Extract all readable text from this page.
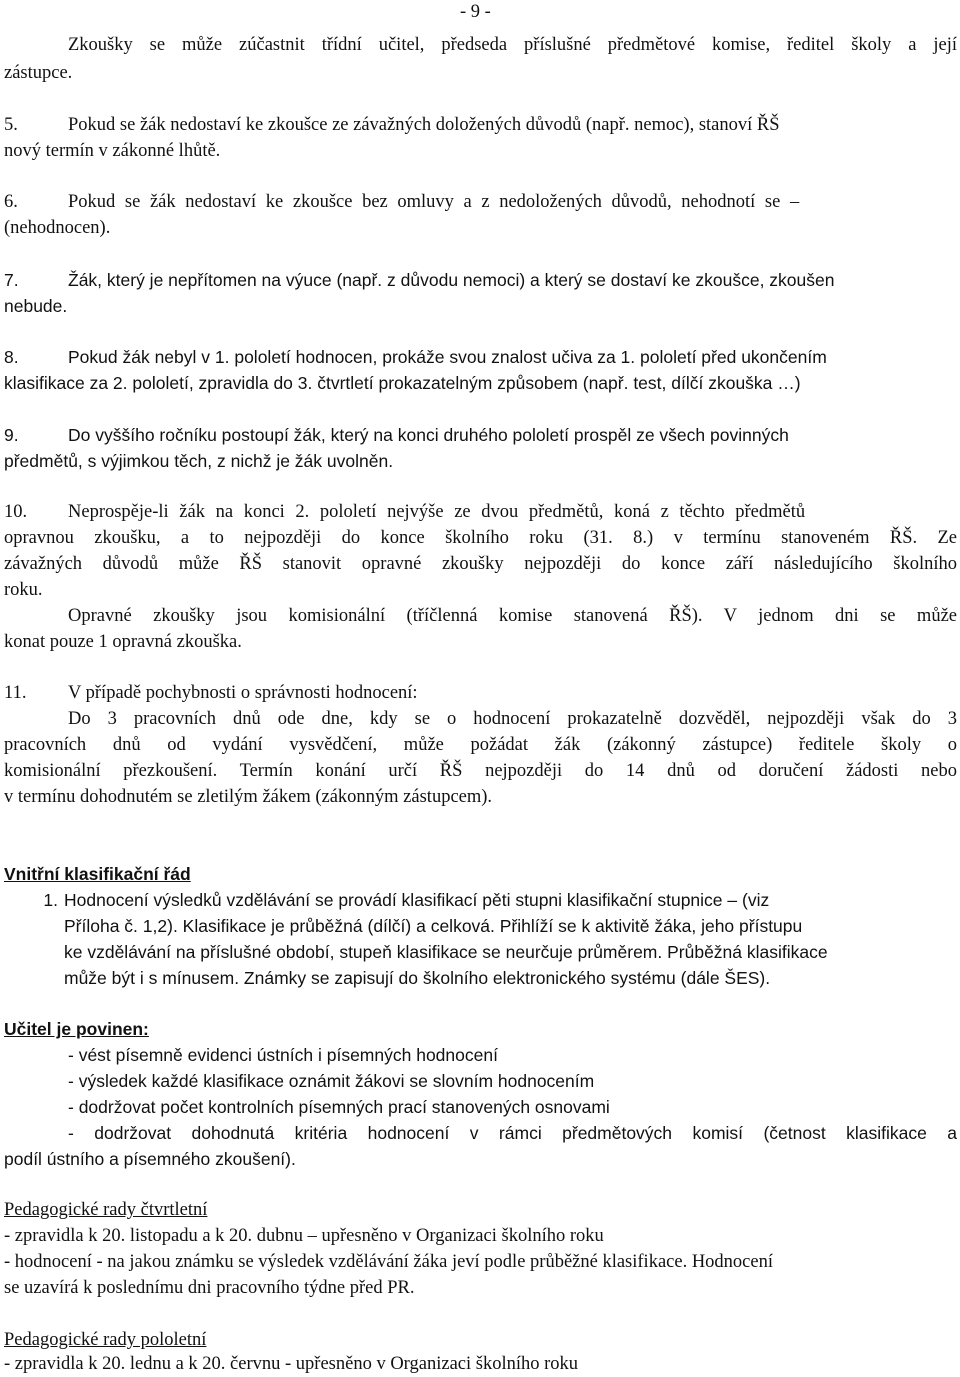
- 9 -
Zkoušky se může zúčastnit třídní učitel, předseda příslušné předmětové komise, ředitel školy a její
zástupce.
5.	Pokud se žák nedostaví ke zkoušce ze závažných doložených důvodů (např. nemoc), stanoví ŘŠ
nový termín v zákonné lhůtě.
6.	Pokud se žák nedostaví ke zkoušce bez omluvy a z nedoložených důvodů, nehodnotí se –
(nehodnocen).
7.	Žák, který je nepřítomen na výuce (např. z důvodu nemoci) a který se dostaví ke zkoušce, zkoušen
nebude.
8.	Pokud žák nebyl v 1. pololetí hodnocen, prokáže svou znalost učiva za 1. pololetí před ukončením
klasifikace za 2. pololetí, zpravidla do 3. čtvrtletí prokazatelným způsobem (např. test, dílčí zkouška …)
9.	Do vyššího ročníku postoupí žák, který na konci druhého pololetí prospěl ze všech povinných
předmětů, s výjimkou těch, z nichž je žák uvolněn.
10. Neprospěje-li žák na konci 2. pololetí nejvýše ze dvou předmětů, koná z těchto předmětů
opravnou zkoušku, a to nejpozději do konce školního roku (31. 8.) v termínu stanoveném ŘŠ. Ze
závažných důvodů může ŘŠ stanovit opravné zkoušky nejpozději do konce září následujícího školního
roku.
Opravné zkoušky jsou komisionální (tříčlenná komise stanovená ŘŠ). V jednom dni se může
konat pouze 1 opravná zkouška.
11. V případě pochybnosti o správnosti hodnocení:
Do 3 pracovních dnů ode dne, kdy se o hodnocení prokazatelně dozvěděl, nejpozději však do 3
pracovních dnů od vydání vysvědčení, může požádat žák (zákonný zástupce) ředitele školy o
komisionální přezkoušení. Termín konání určí ŘŠ nejpozději do 14 dnů od doručení žádosti nebo
v termínu dohodnutém se zletilým žákem (zákonným zástupcem).
Vnitřní klasifikační řád
1. Hodnocení výsledků vzdělávání se provádí klasifikací pěti stupni klasifikační stupnice – (viz
Příloha č. 1,2). Klasifikace je průběžná (dílčí) a celková. Přihlíží se k aktivitě žáka, jeho přístupu
ke vzdělávání na příslušné období, stupeň klasifikace se neurčuje průměrem. Průběžná klasifikace
může být i s mínusem. Známky se zapisují do školního elektronického systému (dále ŠES).
Učitel je povinen:
- vést písemně evidenci ústních i písemných hodnocení
- výsledek každé klasifikace oznámit žákovi se slovním hodnocením
- dodržovat počet kontrolních písemných prací stanovených osnovami
- dodržovat dohodnutá kritéria hodnocení v rámci předmětových komisí (četnost klasifikace a
podíl ústního a písemného zkoušení).
Pedagogické rady čtvrtletní
- zpravidla k 20. listopadu a k 20. dubnu – upřesněno v Organizaci školního roku
- hodnocení - na jakou známku se výsledek vzdělávání žáka jeví podle průběžné klasifikace. Hodnocení
se uzavírá k poslednímu dni pracovního týdne před PR.
Pedagogické rady pololetní
- zpravidla k 20. lednu a k 20. červnu - upřesněno v Organizaci školního roku
